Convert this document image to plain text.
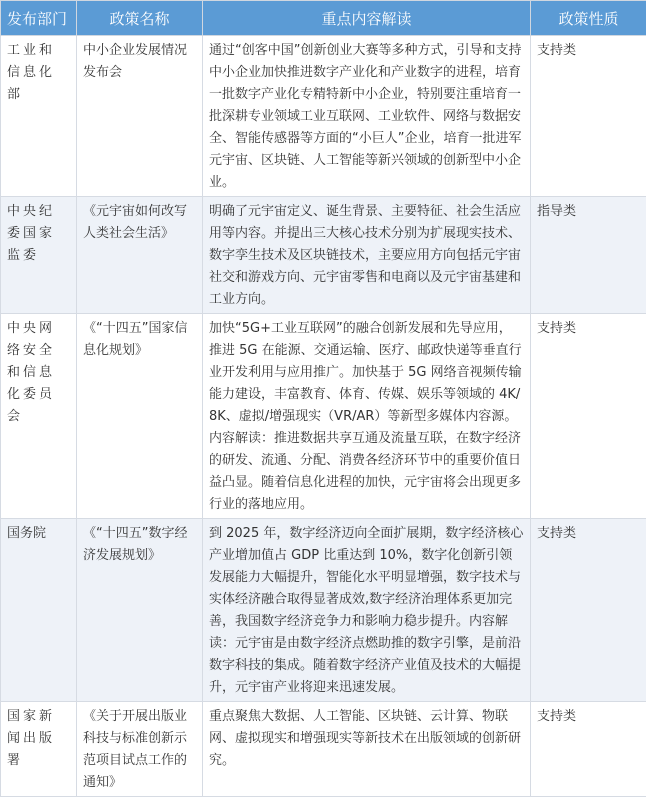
发布部门	政策名称	重点内容解读	政策性质
工业和信息化部	中小企业发展情况发布会	通过“创客中国”创新创业大赛等多种方式，引导和支持中小企业加快推进数字产业化和产业数字的进程，培育一批数字产业化专精特新中小企业，特别要注重培育一批深耕专业领域工业互联网、工业软件、网络与数据安全、智能传感器等方面的“小巨人”企业，培育一批进军元宇宙、区块链、人工智能等新兴领域的创新型中小企业。	支持类
中央纪委国家监委	《元宇宙如何改写人类社会生活》	明确了元宇宙定义、诞生背景、主要特征、社会生活应用等内容。并提出三大核心技术分别为扩展现实技术、数字孪生技术及区块链技术，主要应用方向包括元宇宙社交和游戏方向、元宇宙零售和电商以及元宇宙基建和工业方向。	指导类
中央网络安全和信息化委员会	《“十四五”国家信息化规划》	加快“5G+工业互联网”的融合创新发展和先导应用，推进 5G 在能源、交通运输、医疗、邮政快递等垂直行业开发利用与应用推广。加快基于 5G 网络音视频传输能力建设，丰富教育、体育、传媒、娱乐等领域的 4K/8K、虚拟/增强现实（VR/AR）等新型多媒体内容源。内容解读：推进数据共享互通及流量互联，在数字经济的研发、流通、分配、消费各经济环节中的重要价值日益凸显。随着信息化进程的加快，元宇宙将会出现更多行业的落地应用。	支持类
国务院	《“十四五”数字经济发展规划》	到 2025 年，数字经济迈向全面扩展期，数字经济核心产业增加值占 GDP 比重达到 10%，数字化创新引领发展能力大幅提升，智能化水平明显增强，数字技术与实体经济融合取得显著成效,数字经济治理体系更加完善，我国数字经济竞争力和影响力稳步提升。内容解读：元宇宙是由数字经济点燃助推的数字引擎，是前沿数字科技的集成。随着数字经济产业值及技术的大幅提升，元宇宙产业将迎来迅速发展。	支持类
国家新闻出版署	《关于开展出版业科技与标准创新示范项目试点工作的通知》	重点聚焦大数据、人工智能、区块链、云计算、物联网、虚拟现实和增强现实等新技术在出版领域的创新研究。	支持类
